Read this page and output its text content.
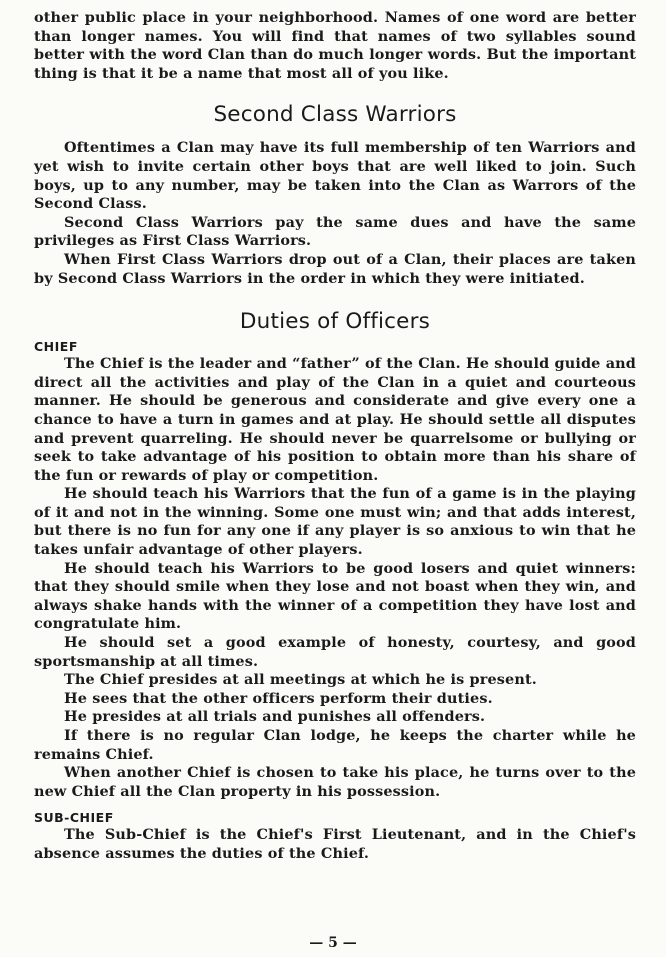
other public place in your neighborhood. Names of one word are better than longer names. You will find that names of two syllables sound better with the word Clan than do much longer words. But the important thing is that it be a name that most all of you like.

Second Class Warriors

Oftentimes a Clan may have its full membership of ten Warriors and yet wish to invite certain other boys that are well liked to join. Such boys, up to any number, may be taken into the Clan as Warrors of the Second Class.

Second Class Warriors pay the same dues and have the same privileges as First Class Warriors.

When First Class Warriors drop out of a Clan, their places are taken by Second Class Warriors in the order in which they were initiated.

Duties of Officers
CHIEF

The Chief is the leader and “father” of the Clan. He should guide and direct all the activities and play of the Clan in a quiet and courteous manner. He should be generous and considerate and give every one a chance to have a turn in games and at play. He should settle all disputes and prevent quarreling. He should never be quarrelsome or bullying or seek to take advantage of his position to obtain more than his share of the fun or rewards of play or competition.

He should teach his Warriors that the fun of a game is in the playing of it and not in the winning. Some one must win; and that adds interest, but there is no fun for any one if any player is so anxious to win that he takes unfair advantage of other players.

He should teach his Warriors to be good losers and quiet winners: that they should smile when they lose and not boast when they win, and always shake hands with the winner of a competition they have lost and congratulate him.

He should set a good example of honesty, courtesy, and good sportsmanship at all times.

The Chief presides at all meetings at which he is present.

He sees that the other officers perform their duties.

He presides at all trials and punishes all offenders.

If there is no regular Clan lodge, he keeps the charter while he remains Chief.

When another Chief is chosen to take his place, he turns over to the new Chief all the Clan property in his possession.

SUB-CHIEF

The Sub-Chief is the Chief's First Lieutenant, and in the Chief's absence assumes the duties of the Chief.

— 5 —
